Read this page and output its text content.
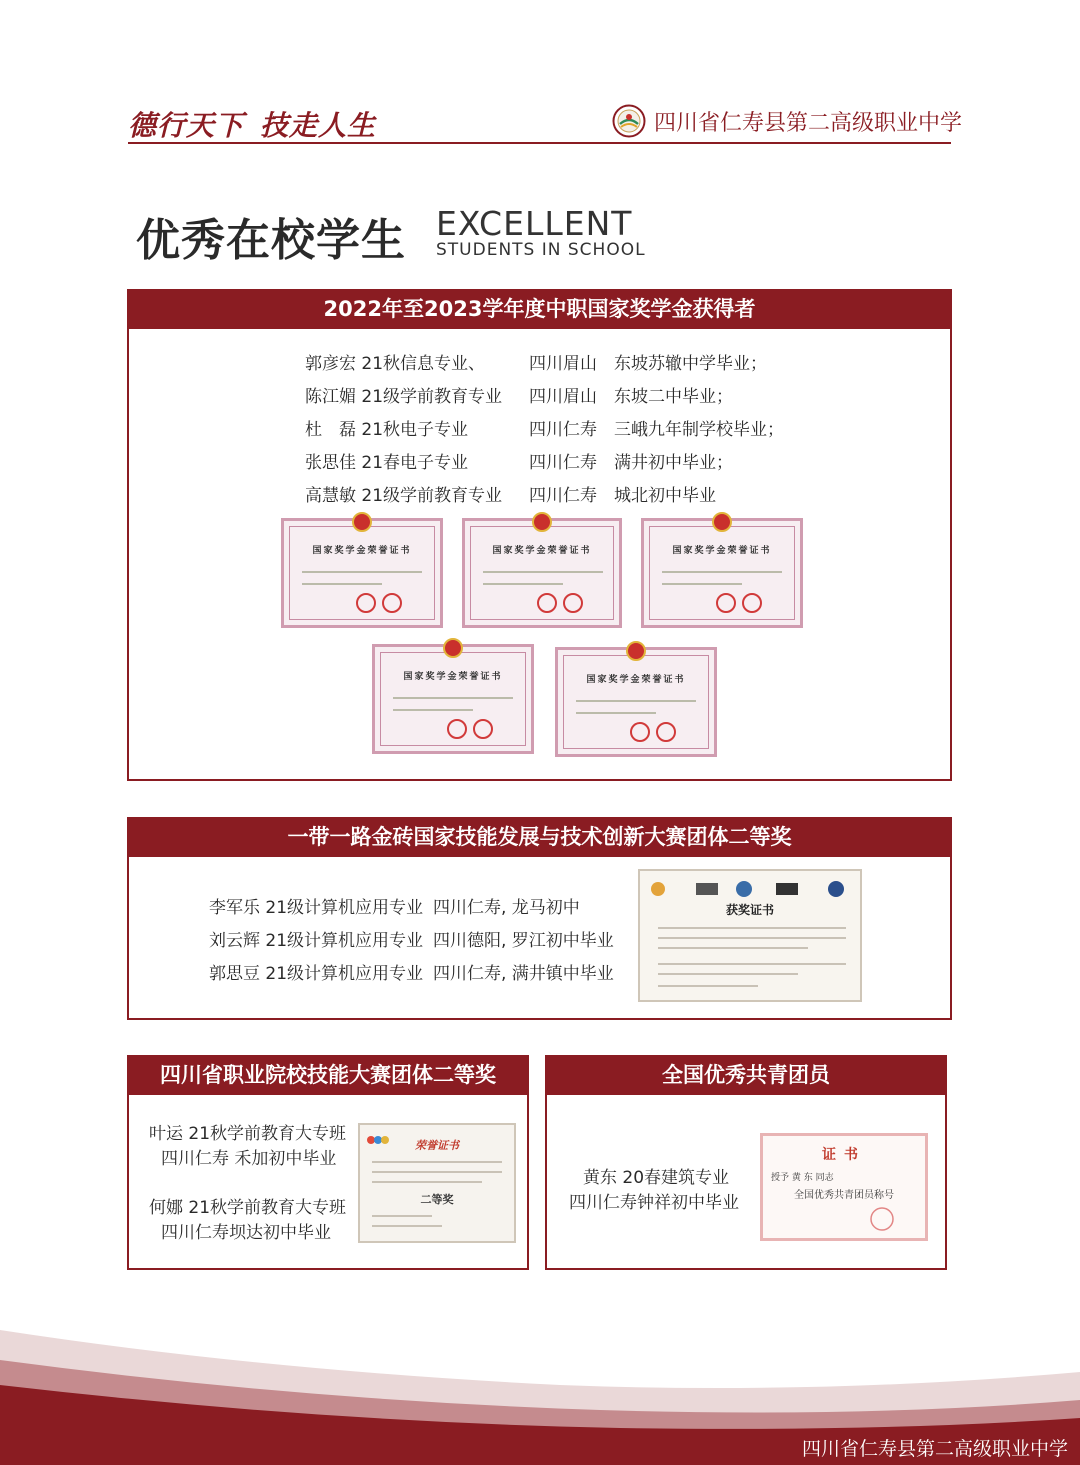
德行天下 技走人生	四川省仁寿县第二高级职业中学
优秀在校学生 EXCELLENT
STUDENTS IN SCHOOL
2022年至2023学年度中职国家奖学金获得者
郭彦宏 21秋信息专业、	四川眉山　东坡苏辙中学毕业；
陈江媚 21级学前教育专业 四川眉山　东坡二中毕业；
杜　磊 21秋电子专业	四川仁寿　三峨九年制学校毕业；
张思佳 21春电子专业	四川仁寿　满井初中毕业；
高慧敏 21级学前教育专业 四川仁寿　城北初中毕业
国家奖学金荣誉证书	国家奖学金荣誉证书	国家奖学金荣誉证书
国家奖学金荣誉证书	国家奖学金荣誉证书
一带一路金砖国家技能发展与技术创新大赛团体二等奖
李军乐 21级计算机应用专业 四川仁寿, 龙马初中
刘云辉 21级计算机应用专业 四川德阳, 罗江初中毕业
郭思豆 21级计算机应用专业 四川仁寿, 满井镇中毕业
获奖证书
四川省职业院校技能大赛团体二等奖
叶运 21秋学前教育大专班
四川仁寿 禾加初中毕业
何娜 21秋学前教育大专班
四川仁寿坝达初中毕业
荣誉证书
二等奖
全国优秀共青团员
黄东 20春建筑专业
四川仁寿钟祥初中毕业
证书
授予 黄 东 同志
全国优秀共青团员称号
四川省仁寿县第二高级职业中学
